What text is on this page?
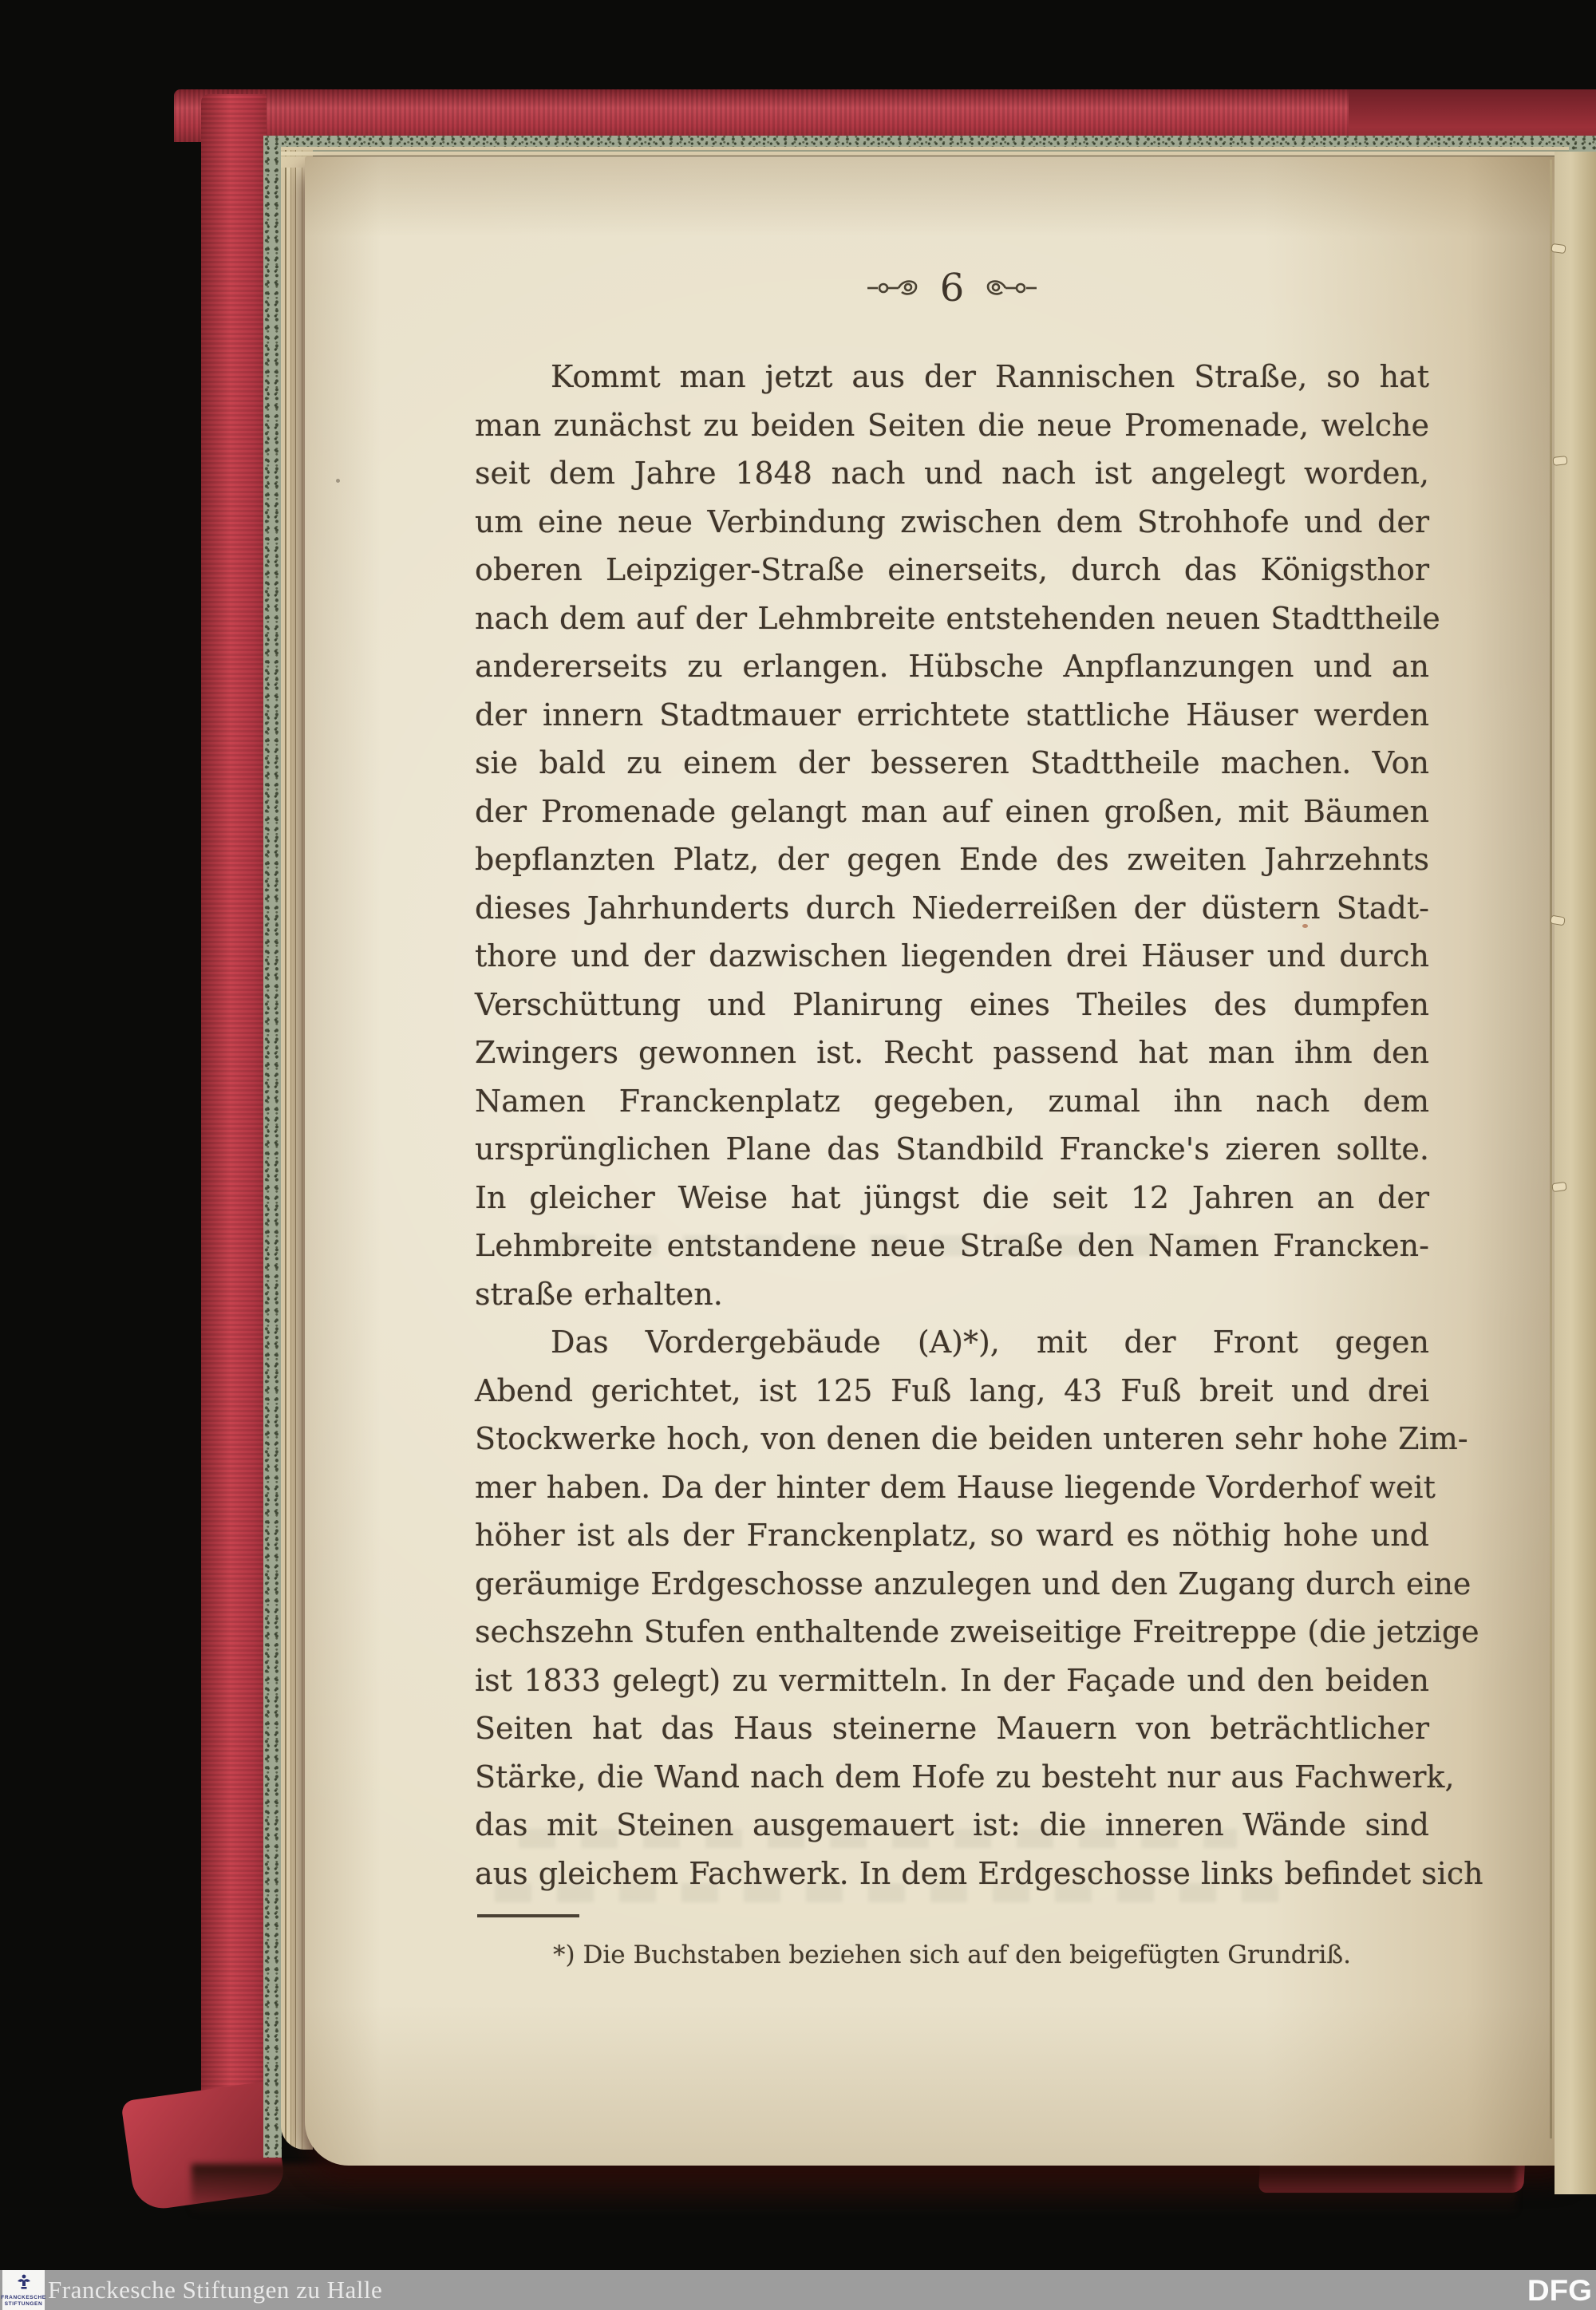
6
Kommt man jetzt aus der Rannischen Straße, so hat
man zunächst zu beiden Seiten die neue Promenade, welche
seit dem Jahre 1848 nach und nach ist angelegt worden,
um eine neue Verbindung zwischen dem Strohhofe und der
oberen Leipziger-Straße einerseits, durch das Königsthor
nach dem auf der Lehmbreite entstehenden neuen Stadttheile
andererseits zu erlangen. Hübsche Anpflanzungen und an
der innern Stadtmauer errichtete stattliche Häuser werden
sie bald zu einem der besseren Stadttheile machen. Von
der Promenade gelangt man auf einen großen, mit Bäumen
bepflanzten Platz, der gegen Ende des zweiten Jahrzehnts
dieses Jahrhunderts durch Niederreißen der düstern Stadt-
thore und der dazwischen liegenden drei Häuser und durch
Verschüttung und Planirung eines Theiles des dumpfen
Zwingers gewonnen ist. Recht passend hat man ihm den
Namen Franckenplatz gegeben, zumal ihn nach dem
ursprünglichen Plane das Standbild Francke's zieren sollte.
In gleicher Weise hat jüngst die seit 12 Jahren an der
Lehmbreite entstandene neue Straße den Namen Francken-
straße erhalten.
Das Vordergebäude (A)*), mit der Front gegen
Abend gerichtet, ist 125 Fuß lang, 43 Fuß breit und drei
Stockwerke hoch, von denen die beiden unteren sehr hohe Zim-
mer haben. Da der hinter dem Hause liegende Vorderhof weit
höher ist als der Franckenplatz, so ward es nöthig hohe und
geräumige Erdgeschosse anzulegen und den Zugang durch eine
sechszehn Stufen enthaltende zweiseitige Freitreppe (die jetzige
ist 1833 gelegt) zu vermitteln. In der Façade und den beiden
Seiten hat das Haus steinerne Mauern von beträchtlicher
Stärke, die Wand nach dem Hofe zu besteht nur aus Fachwerk,
das mit Steinen ausgemauert ist: die inneren Wände sind
aus gleichem Fachwerk. In dem Erdgeschosse links befindet sich
*) Die Buchstaben beziehen sich auf den beigefügten Grundriß.
FRANCKESCHE
STIFTUNGEN
Franckesche Stiftungen zu Halle	DFG
